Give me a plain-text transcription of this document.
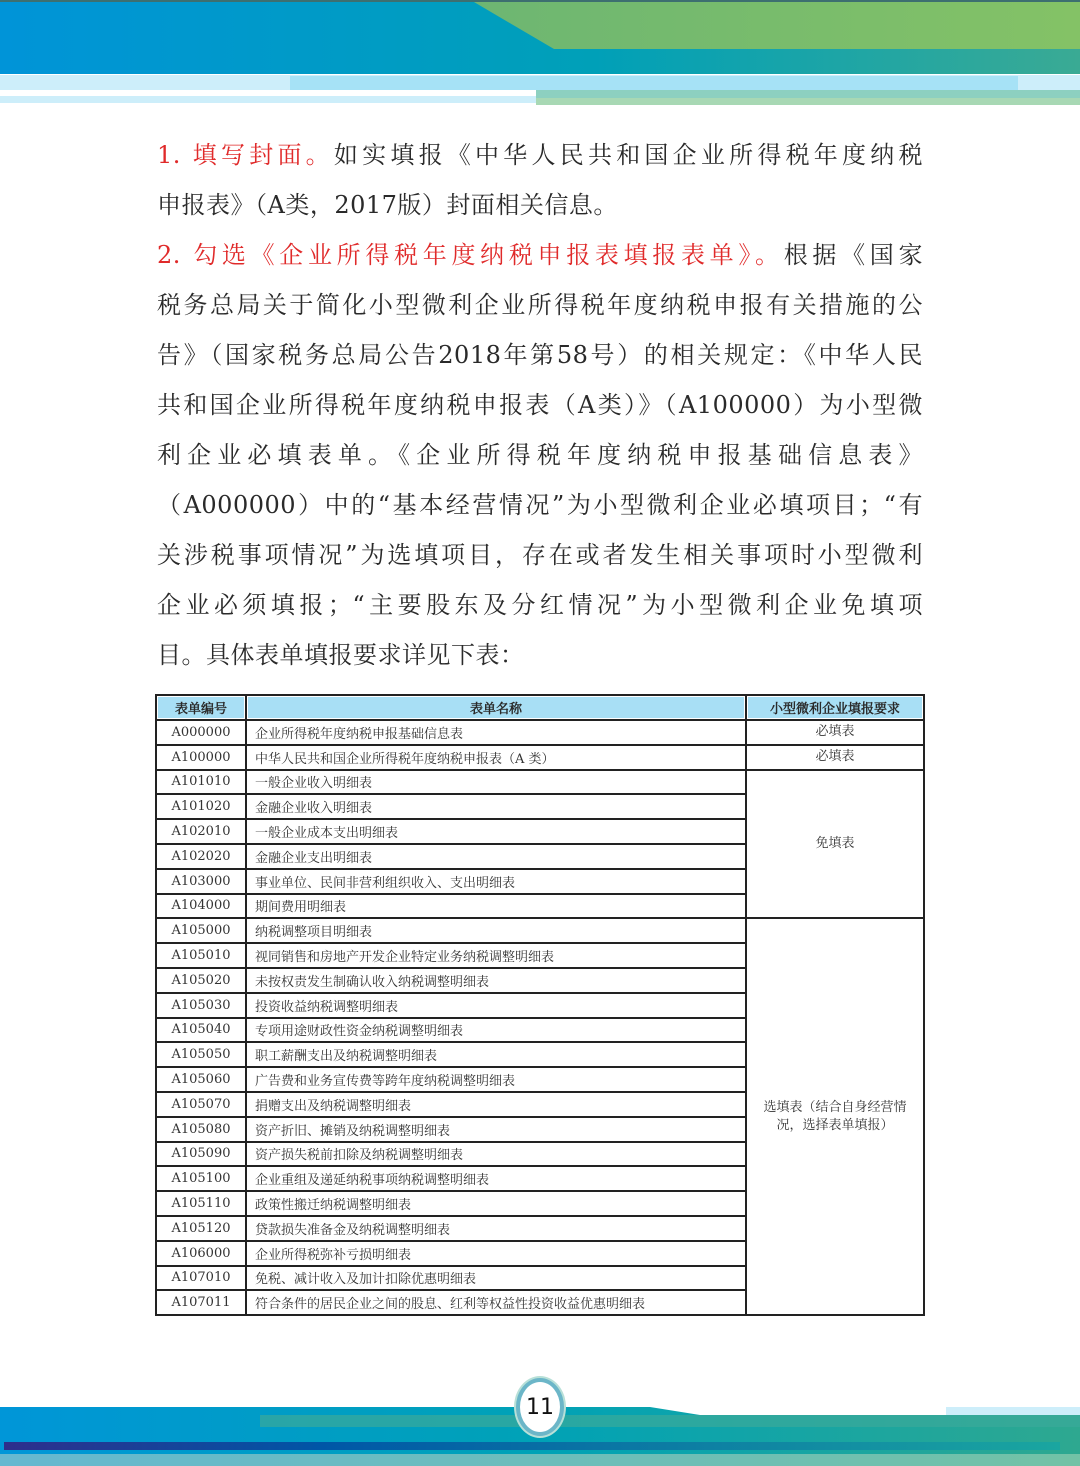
1. 填写封面。如实填报《中华人民共和国企业所得税年度纳税
申报表》（A类，2017版）封面相关信息。
2. 勾选《企业所得税年度纳税申报表填报表单》。根据《国家
税务总局关于简化小型微利企业所得税年度纳税申报有关措施的公
告》（国家税务总局公告2018年第58号）的相关规定：《中华人民
共和国企业所得税年度纳税申报表（A类）》（A100000）为小型微
利企业必填表单。《企业所得税年度纳税申报基础信息表》
（A000000）中的“基本经营情况”为小型微利企业必填项目；“有
关涉税事项情况”为选填项目，存在或者发生相关事项时小型微利
企业必须填报；“主要股东及分红情况”为小型微利企业免填项
目。具体表单填报要求详见下表：
表单编号	表单名称	小型微利企业填报要求
A000000	企业所得税年度纳税申报基础信息表	必填表
A100000	中华人民共和国企业所得税年度纳税申报表（A 类）	必填表
A101010	一般企业收入明细表	免填表
A101020	金融企业收入明细表	
A102010	一般企业成本支出明细表	
A102020	金融企业支出明细表	
A103000	事业单位、民间非营利组织收入、支出明细表	
A104000	期间费用明细表	
A105000	纳税调整项目明细表	选填表（结合自身经营情况，选择表单填报）
A105010	视同销售和房地产开发企业特定业务纳税调整明细表	
A105020	未按权责发生制确认收入纳税调整明细表	
A105030	投资收益纳税调整明细表	
A105040	专项用途财政性资金纳税调整明细表	
A105050	职工薪酬支出及纳税调整明细表	
A105060	广告费和业务宣传费等跨年度纳税调整明细表	
A105070	捐赠支出及纳税调整明细表	
A105080	资产折旧、摊销及纳税调整明细表	
A105090	资产损失税前扣除及纳税调整明细表	
A105100	企业重组及递延纳税事项纳税调整明细表	
A105110	政策性搬迁纳税调整明细表	
A105120	贷款损失准备金及纳税调整明细表	
A106000	企业所得税弥补亏损明细表	
A107010	免税、减计收入及加计扣除优惠明细表	
A107011	符合条件的居民企业之间的股息、红利等权益性投资收益优惠明细表	
11
